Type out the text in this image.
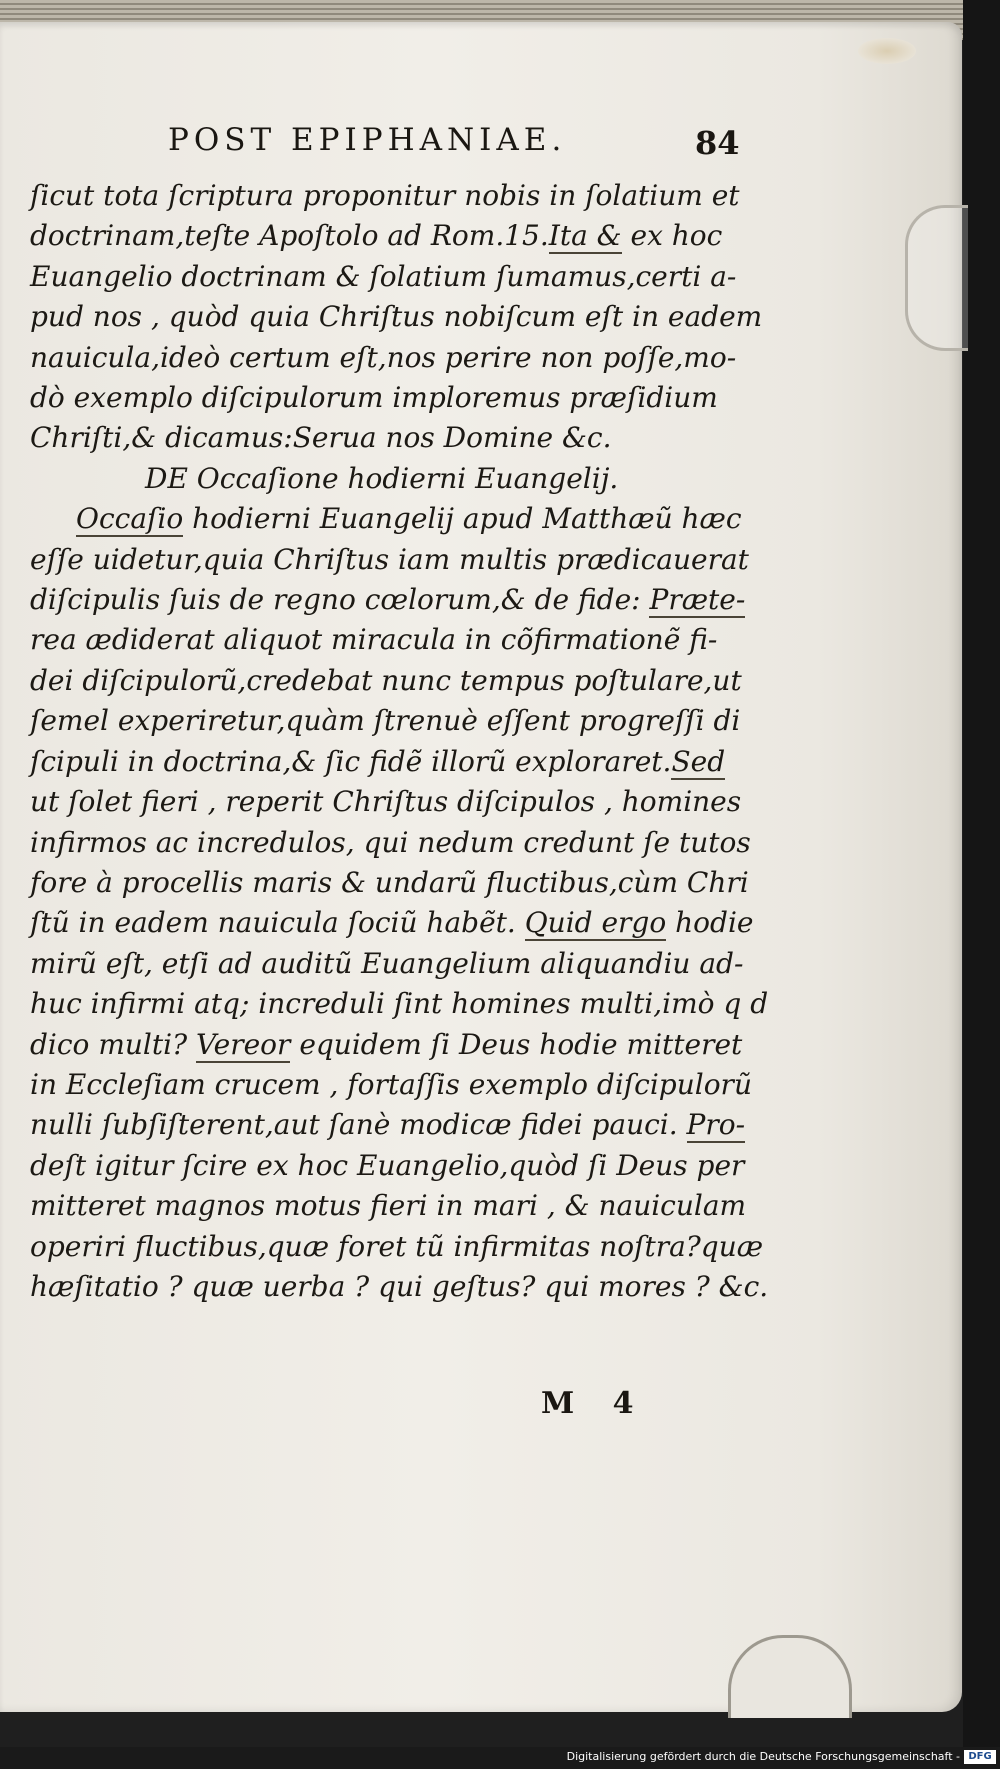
POST EPIPHANIAE.	84
ſicut tota ſcriptura proponitur nobis in ſolatium et
doctrinam,teſte Apoſtolo ad Rom.15.Ita & ex hoc
Euangelio doctrinam & ſolatium ſumamus,certi a-
pud nos , quòd quia Chriſtus nobiſcum eſt in eadem
nauicula,ideò certum eſt,nos perire non poſſe,mo-
dò exemplo diſcipulorum imploremus præſidium
Chriſti,& dicamus:Serua nos Domine &c.
DE Occaſione hodierni Euangelij.
Occaſio hodierni Euangelij apud Matthæũ hæc
eſſe uidetur,quia Chriſtus iam multis prædicauerat
diſcipulis ſuis de regno cœlorum,& de fide: Præte-
rea ædiderat aliquot miracula in cõfirmationẽ fi-
dei diſcipulorũ,credebat nunc tempus poſtulare,ut
ſemel experiretur,quàm ſtrenuè eſſent progreſſi di
ſcipuli in doctrina,& ſic fidẽ illorũ exploraret.Sed
ut ſolet fieri , reperit Chriſtus diſcipulos , homines
infirmos ac incredulos, qui nedum credunt ſe tutos
fore à procellis maris & undarũ fluctibus,cùm Chri
ſtũ in eadem nauicula ſociũ habẽt. Quid ergo hodie
mirũ eſt, etſi ad auditũ Euangelium aliquandiu ad-
huc infirmi atq; increduli ſint homines multi,imò q d
dico multi? Vereor equidem ſi Deus hodie mitteret
in Eccleſiam crucem , fortaſſis exemplo diſcipulorũ
nulli ſubſiſterent,aut ſanè modicæ fidei pauci. Pro-
deſt igitur ſcire ex hoc Euangelio,quòd ſi Deus per
mitteret magnos motus fieri in mari , & nauiculam
operiri fluctibus,quæ foret tũ infirmitas noſtra?quæ
hæſitatio ? quæ uerba ? qui geſtus? qui mores ? &c.
M 4
Digitalisierung gefördert durch die Deutsche Forschungsgemeinschaft - DFG
